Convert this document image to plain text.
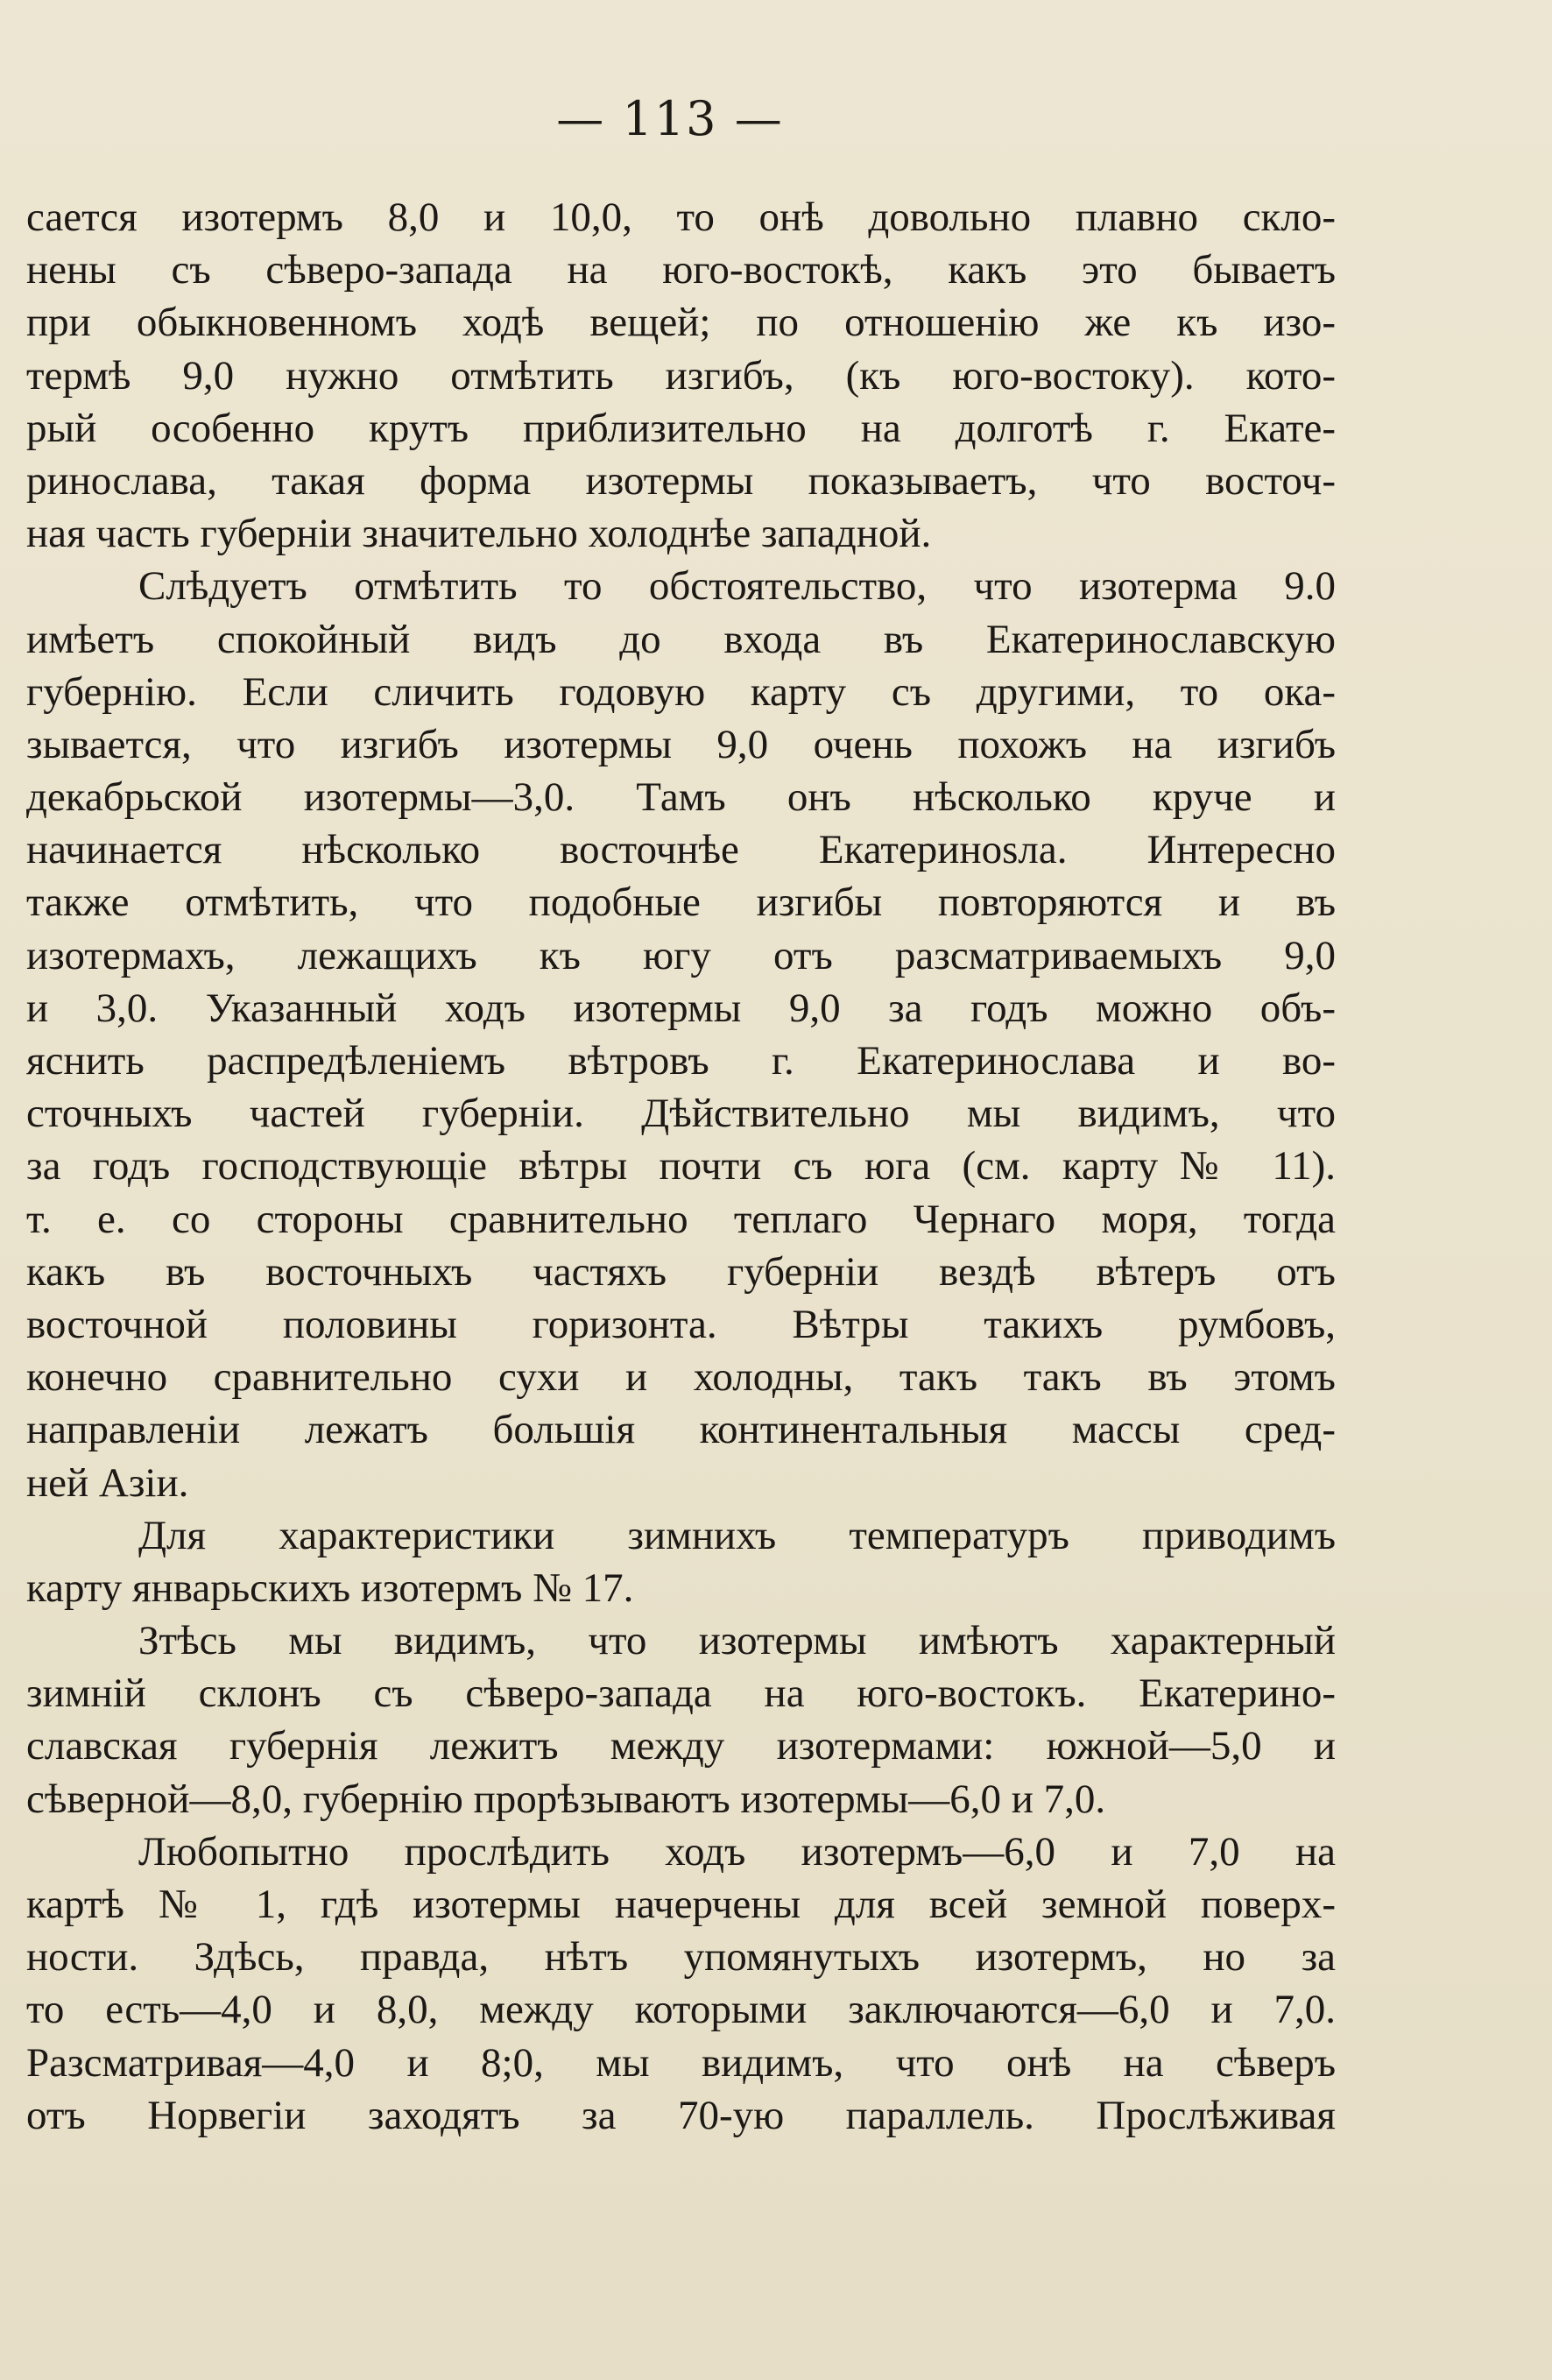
— 113 —
сается изотермъ 8,0 и 10,0, то онѣ довольно плавно скло-
нены съ сѣверо-запада на юго-востокѣ, какъ это бываетъ
при обыкновенномъ ходѣ вещей; по отношенію же къ изо-
термѣ 9,0 нужно отмѣтить изгибъ, (къ юго-востоку). кото-
рый особенно крутъ приблизительно на долготѣ г. Екате-
ринослава, такая форма изотермы показываетъ, что восточ-
ная часть губерніи значительно холоднѣе западной.
Слѣдуетъ отмѣтить то обстоятельство, что изотерма 9.0
имѣетъ спокойный видъ до входа въ Екатеринославскую
губернію. Если сличить годовую карту съ другими, то ока-
зывается, что изгибъ изотермы 9,0 очень похожъ на изгибъ
декабрьской изотермы—3,0. Тамъ онъ нѣсколько круче и
начинается нѣсколько восточнѣе Екатеринosла. Интересно
также отмѣтить, что подобные изгибы повторяются и въ
изотермахъ, лежащихъ къ югу отъ разсматриваемыхъ 9,0
и 3,0. Указанный ходъ изотермы 9,0 за годъ можно объ-
яснить распредѣленіемъ вѣтровъ г. Екатеринослава и во-
сточныхъ частей губерніи. Дѣйствительно мы видимъ, что
за годъ господствующіе вѣтры почти съ юга (см. карту№ 11).
т. е. со стороны сравнительно теплаго Чернаго моря, тогда
какъ въ восточныхъ частяхъ губерніи вездѣ вѣтеръ отъ
восточной половины горизонта. Вѣтры такихъ румбовъ,
конечно сравнительно сухи и холодны, такъ такъ въ этомъ
направленіи лежатъ большія континентальныя массы сред-
ней Азіи.
Для характеристики зимнихъ температуръ приводимъ
карту январьскихъ изотермъ № 17.
Зтѣсь мы видимъ, что изотермы имѣютъ характерный
зимній склонъ съ сѣверо-запада на юго-востокъ. Екатерино-
славская губернія лежитъ между изотермами: южной—5,0 и
сѣверной—8,0, губернію прорѣзываютъ изотермы—6,0 и 7,0.
Любопытно прослѣдить ходъ изотермъ—6,0 и 7,0 на
картѣ № 1, гдѣ изотермы начерчены для всей земной поверх-
ности. Здѣсь, правда, нѣтъ упомянутыхъ изотермъ, но за
то есть—4,0 и 8,0, между которыми заключаются—6,0 и 7,0.
Разсматривая—4,0 и 8;0, мы видимъ, что онѣ на сѣверъ
отъ Норвегіи заходятъ за 70-ую параллель. Прослѣживая
